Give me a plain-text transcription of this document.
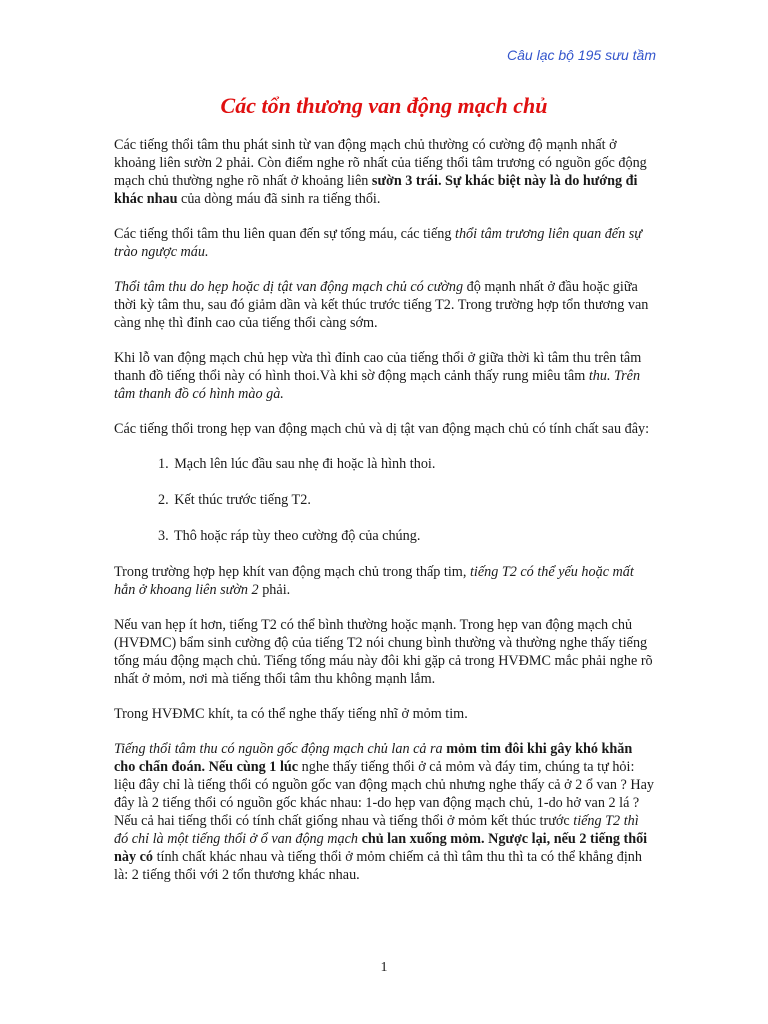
Câu lạc bộ 195 sưu tầm
Các tổn thương van động mạch chủ

Các tiếng thổi tâm thu phát sinh từ van động mạch chủ thường có cường độ mạnh nhất ở khoảng liên sườn 2 phải. Còn điểm nghe rõ nhất của tiếng thổi tâm trương có nguồn gốc động mạch chủ thường nghe rõ nhất ở khoảng liên sườn 3 trái. Sự khác biệt này là do hướng đi khác nhau của dòng máu đã sinh ra tiếng thổi.

Các tiếng thổi tâm thu liên quan đến sự tống máu, các tiếng thổi tâm trương liên quan đến sự trào ngược máu.

Thổi tâm thu do hẹp hoặc dị tật van động mạch chủ có cường độ mạnh nhất ở đầu hoặc giữa thời kỳ tâm thu, sau đó giảm dần và kết thúc trước tiếng T2. Trong trường hợp tổn thương van càng nhẹ thì đỉnh cao của tiếng thổi càng sớm.

Khi lỗ van động mạch chủ hẹp vừa thì đỉnh cao của tiếng thổi ở giữa thời kì tâm thu trên tâm thanh đồ tiếng thổi này có hình thoi.Và khi sờ động mạch cảnh thấy rung miêu tâm thu. Trên tâm thanh đồ có hình mào gà.

Các tiếng thổi trong hẹp van động mạch chủ và dị tật van động mạch chủ có tính chất sau đây:

1. Mạch lên lúc đầu sau nhẹ đi hoặc là hình thoi.
2. Kết thúc trước tiếng T2.
3. Thô hoặc ráp tùy theo cường độ của chúng.

Trong trường hợp hẹp khít van động mạch chủ trong thấp tim, tiếng T2 có thể yếu hoặc mất hẳn ở khoang liên sườn 2 phải.

Nếu van hẹp ít hơn, tiếng T2 có thể bình thường hoặc mạnh. Trong hẹp van động mạch chủ (HVĐMC) bẩm sinh cường độ của tiếng T2 nói chung bình thường và thường nghe thấy tiếng tống máu động mạch chủ. Tiếng tống máu này đôi khi gặp cả trong HVĐMC mắc phải nghe rõ nhất ở mỏm, nơi mà tiếng thổi tâm thu không mạnh lắm.

Trong HVĐMC khít, ta có thể nghe thấy tiếng nhĩ ở mỏm tim.

Tiếng thổi tâm thu có nguồn gốc động mạch chủ lan cả ra mỏm tim đôi khi gây khó khăn cho chẩn đoán. Nếu cùng 1 lúc nghe thấy tiếng thổi ở cả mỏm và đáy tim, chúng ta tự hỏi: liệu đây chỉ là tiếng thổi có nguồn gốc van động mạch chủ nhưng nghe thấy cả ở 2 ổ van ? Hay đây là 2 tiếng thổi có nguồn gốc khác nhau: 1-do hẹp van động mạch chủ, 1-do hở van 2 lá ? Nếu cả hai tiếng thổi có tính chất giống nhau và tiếng thổi ở mỏm kết thúc trước tiếng T2 thì đó chỉ là một tiếng thổi ở ổ van động mạch chủ lan xuống mỏm. Ngược lại, nếu 2 tiếng thổi này có tính chất khác nhau và tiếng thổi ở mỏm chiếm cả thì tâm thu thì ta có thể khẳng định là: 2 tiếng thổi với 2 tổn thương khác nhau.

1
